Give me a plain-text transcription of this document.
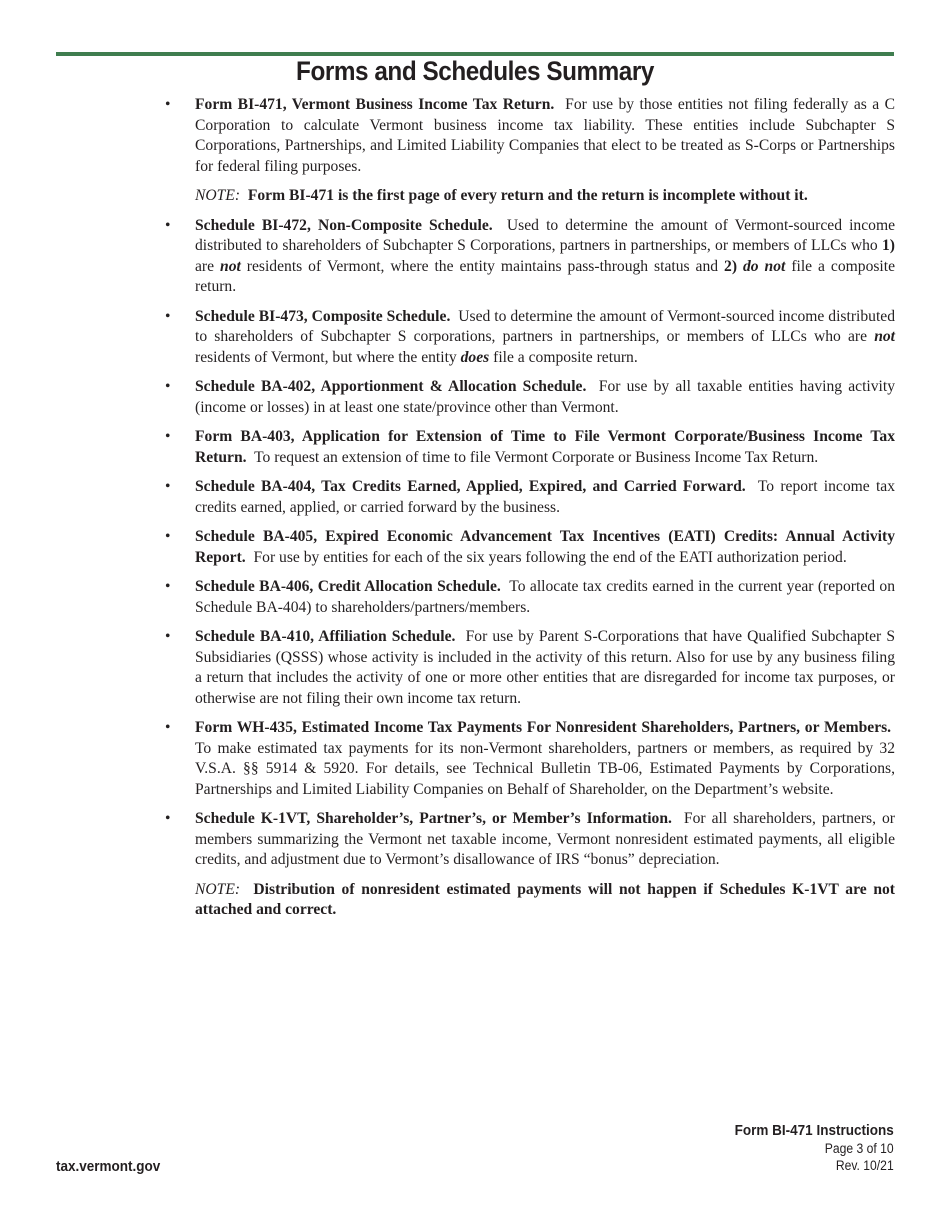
Forms and Schedules Summary
• Form BI-471, Vermont Business Income Tax Return. For use by those entities not filing federally as a C Corporation to calculate Vermont business income tax liability. These entities include Subchapter S Corporations, Partnerships, and Limited Liability Companies that elect to be treated as S-Corps or Partnerships for federal filing purposes.
NOTE: Form BI-471 is the first page of every return and the return is incomplete without it.
• Schedule BI-472, Non-Composite Schedule. Used to determine the amount of Vermont-sourced income distributed to shareholders of Subchapter S Corporations, partners in partnerships, or members of LLCs who 1) are not residents of Vermont, where the entity maintains pass-through status and 2) do not file a composite return.
• Schedule BI-473, Composite Schedule. Used to determine the amount of Vermont-sourced income distributed to shareholders of Subchapter S corporations, partners in partnerships, or members of LLCs who are not residents of Vermont, but where the entity does file a composite return.
• Schedule BA-402, Apportionment & Allocation Schedule. For use by all taxable entities having activity (income or losses) in at least one state/province other than Vermont.
• Form BA-403, Application for Extension of Time to File Vermont Corporate/Business Income Tax Return. To request an extension of time to file Vermont Corporate or Business Income Tax Return.
• Schedule BA-404, Tax Credits Earned, Applied, Expired, and Carried Forward. To report income tax credits earned, applied, or carried forward by the business.
• Schedule BA-405, Expired Economic Advancement Tax Incentives (EATI) Credits: Annual Activity Report. For use by entities for each of the six years following the end of the EATI authorization period.
• Schedule BA-406, Credit Allocation Schedule. To allocate tax credits earned in the current year (reported on Schedule BA-404) to shareholders/partners/members.
• Schedule BA-410, Affiliation Schedule. For use by Parent S-Corporations that have Qualified Subchapter S Subsidiaries (QSSS) whose activity is included in the activity of this return. Also for use by any business filing a return that includes the activity of one or more other entities that are disregarded for income tax purposes, or otherwise are not filing their own income tax return.
• Form WH-435, Estimated Income Tax Payments For Nonresident Shareholders, Partners, or Members.  To make estimated tax payments for its non-Vermont shareholders, partners or members, as required by 32 V.S.A. §§ 5914 & 5920. For details, see Technical Bulletin TB-06, Estimated Payments by Corporations, Partnerships and Limited Liability Companies on Behalf of Shareholder, on the Department’s website.
• Schedule K-1VT, Shareholder’s, Partner’s, or Member’s Information. For all shareholders, partners, or members summarizing the Vermont net taxable income, Vermont nonresident estimated payments, all eligible credits, and adjustment due to Vermont’s disallowance of IRS “bonus” depreciation.
NOTE: Distribution of nonresident estimated payments will not happen if Schedules K-1VT are not attached and correct.
Form BI-471 Instructions
Page 3 of 10
Rev. 10/21
tax.vermont.gov
